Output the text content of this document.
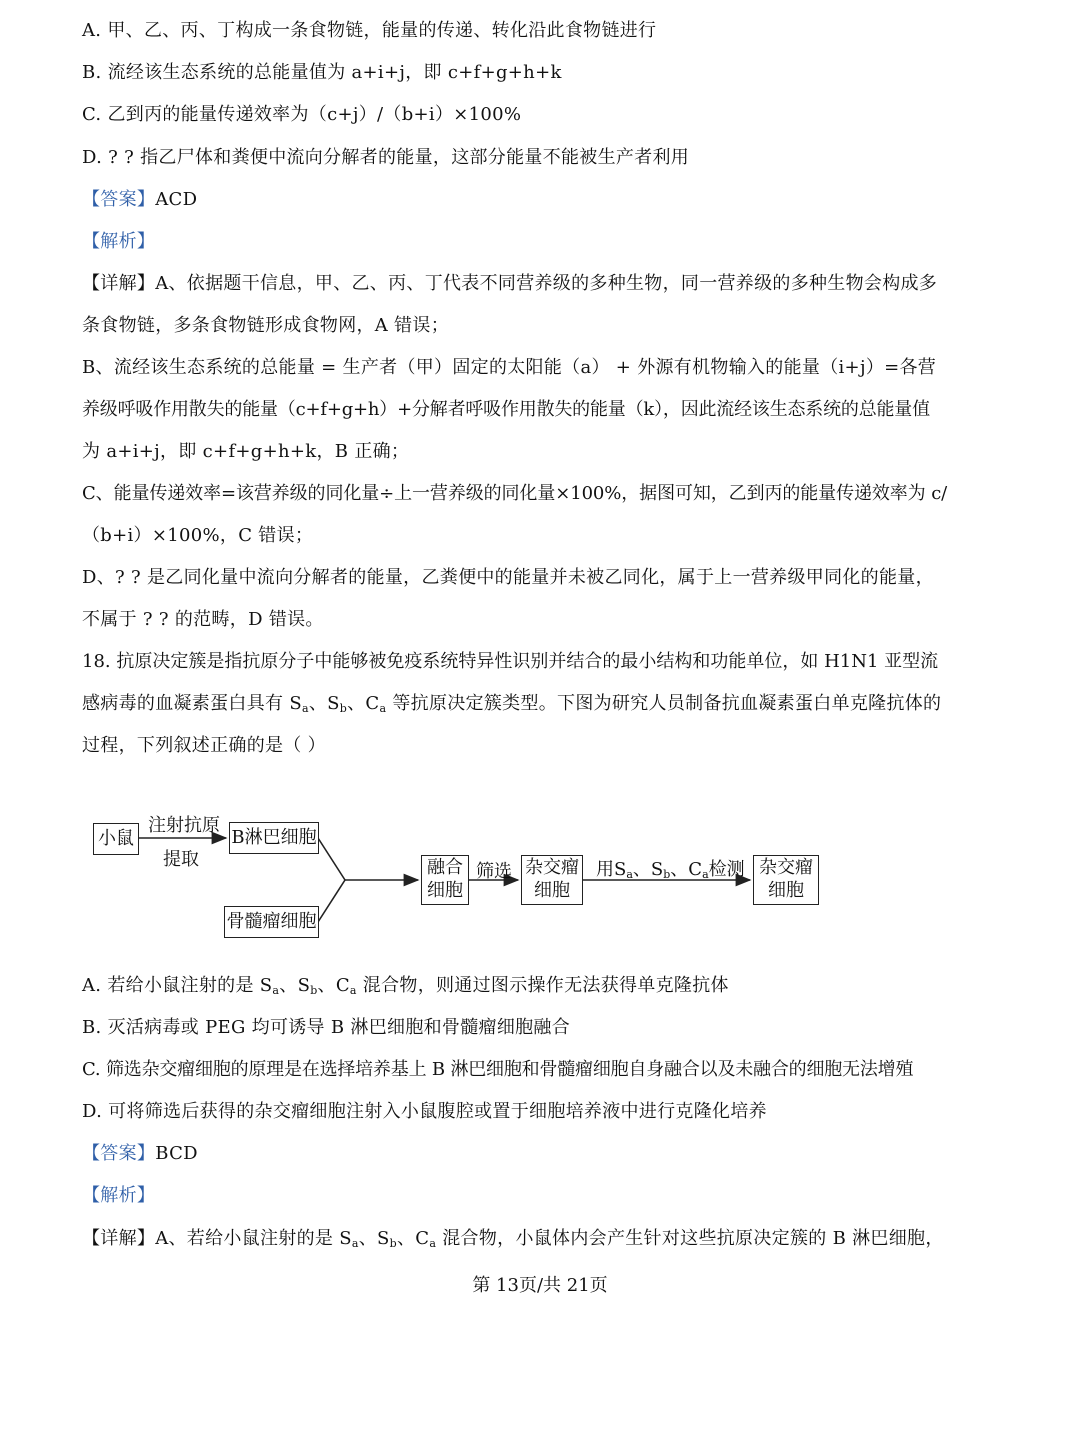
A. 甲、乙、丙、丁构成一条食物链，能量的传递、转化沿此食物链进行
B. 流经该生态系统的总能量值为 a+i+j，即 c+f+g+h+k
C. 乙到丙的能量传递效率为（c+j）/（b+i）×100%
D. ? ? 指乙尸体和粪便中流向分解者的能量，这部分能量不能被生产者利用
【答案】ACD
【解析】
【详解】A、依据题干信息，甲、乙、丙、丁代表不同营养级的多种生物，同一营养级的多种生物会构成多
条食物链，多条食物链形成食物网，A 错误；
B、流经该生态系统的总能量 = 生产者（甲）固定的太阳能（a） + 外源有机物输入的能量（i+j）=各营
养级呼吸作用散失的能量（c+f+g+h）+分解者呼吸作用散失的能量（k），因此流经该生态系统的总能量值
为 a+i+j，即 c+f+g+h+k，B 正确；
C、能量传递效率=该营养级的同化量÷上一营养级的同化量×100%，据图可知，乙到丙的能量传递效率为 c/
（b+i）×100%，C 错误；
D、? ? 是乙同化量中流向分解者的能量，乙粪便中的能量并未被乙同化，属于上一营养级甲同化的能量，
不属于 ? ? 的范畴，D 错误。
18. 抗原决定簇是指抗原分子中能够被免疫系统特异性识别并结合的最小结构和功能单位，如 H1N1 亚型流
感病毒的血凝素蛋白具有 $S_a$、$S_b$、$C_a$ 等抗原决定簇类型。下图为研究人员制备抗血凝素蛋白单克隆抗体的
过程，下列叙述正确的是（ ）
小鼠
注射抗原
提取
B淋巴细胞
骨髓瘤细胞
融合
细胞
筛选 杂交瘤
细胞
用$S_a$、$S_b$、$C_a$检测 杂交瘤
细胞
A. 若给小鼠注射的是 $S_a$、$S_b$、$C_a$ 混合物，则通过图示操作无法获得单克隆抗体
B. 灭活病毒或 PEG 均可诱导 B 淋巴细胞和骨髓瘤细胞融合
C. 筛选杂交瘤细胞的原理是在选择培养基上 B 淋巴细胞和骨髓瘤细胞自身融合以及未融合的细胞无法增殖
D. 可将筛选后获得的杂交瘤细胞注射入小鼠腹腔或置于细胞培养液中进行克隆化培养
【答案】BCD
【解析】
【详解】A、若给小鼠注射的是 $S_a$、$S_b$、$C_a$ 混合物，小鼠体内会产生针对这些抗原决定簇的 B 淋巴细胞，
第 13页/共 21页
